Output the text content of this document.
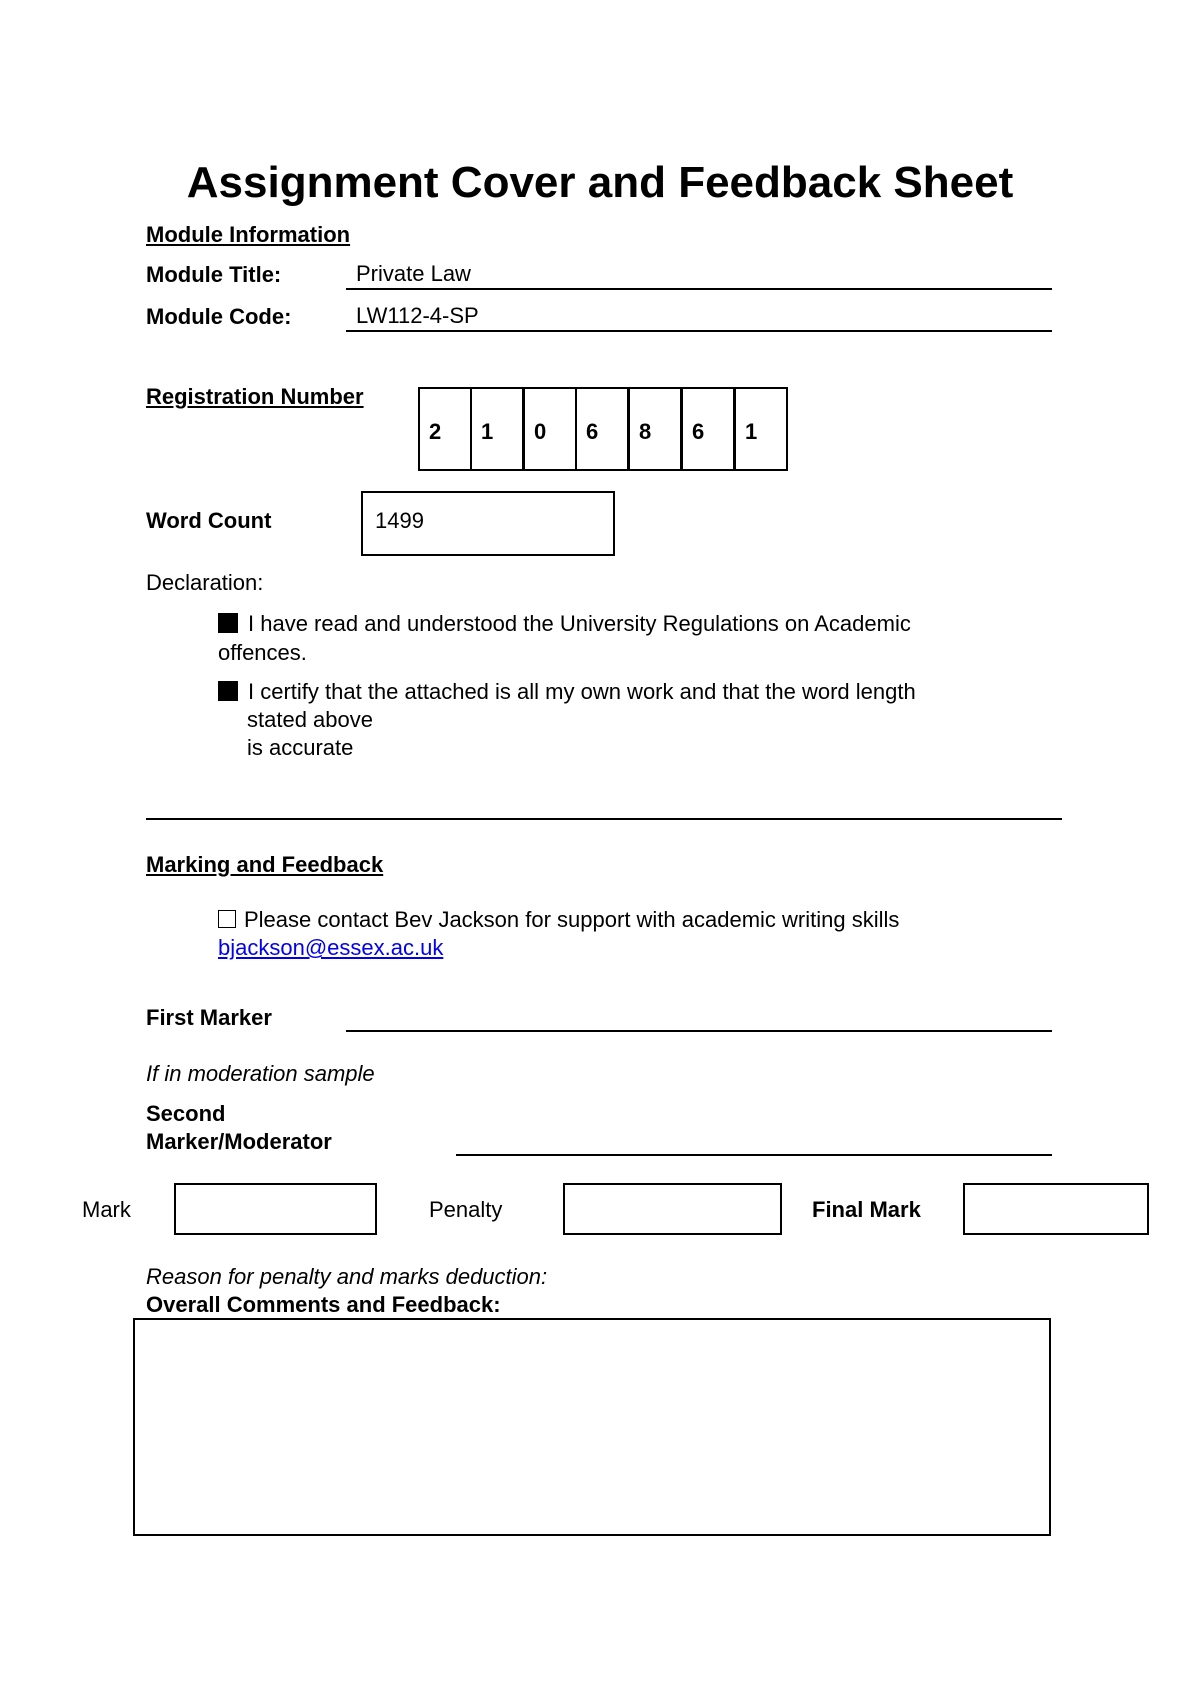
Assignment Cover and Feedback Sheet
Module Information
Module Title:	Private Law
Module Code:	LW112-4-SP
Registration Number
2	1	0	6	8	6	1
Word Count	1499
Declaration:
I have read and understood the University Regulations on Academic
offences.
I certify that the attached is all my own work and that the word length
stated above
is accurate
Marking and Feedback
Please contact Bev Jackson for support with academic writing skills
bjackson@essex.ac.uk
First Marker
If in moderation sample
Second
Marker/Moderator
Mark	Penalty	Final Mark
Reason for penalty and marks deduction:
Overall Comments and Feedback:
